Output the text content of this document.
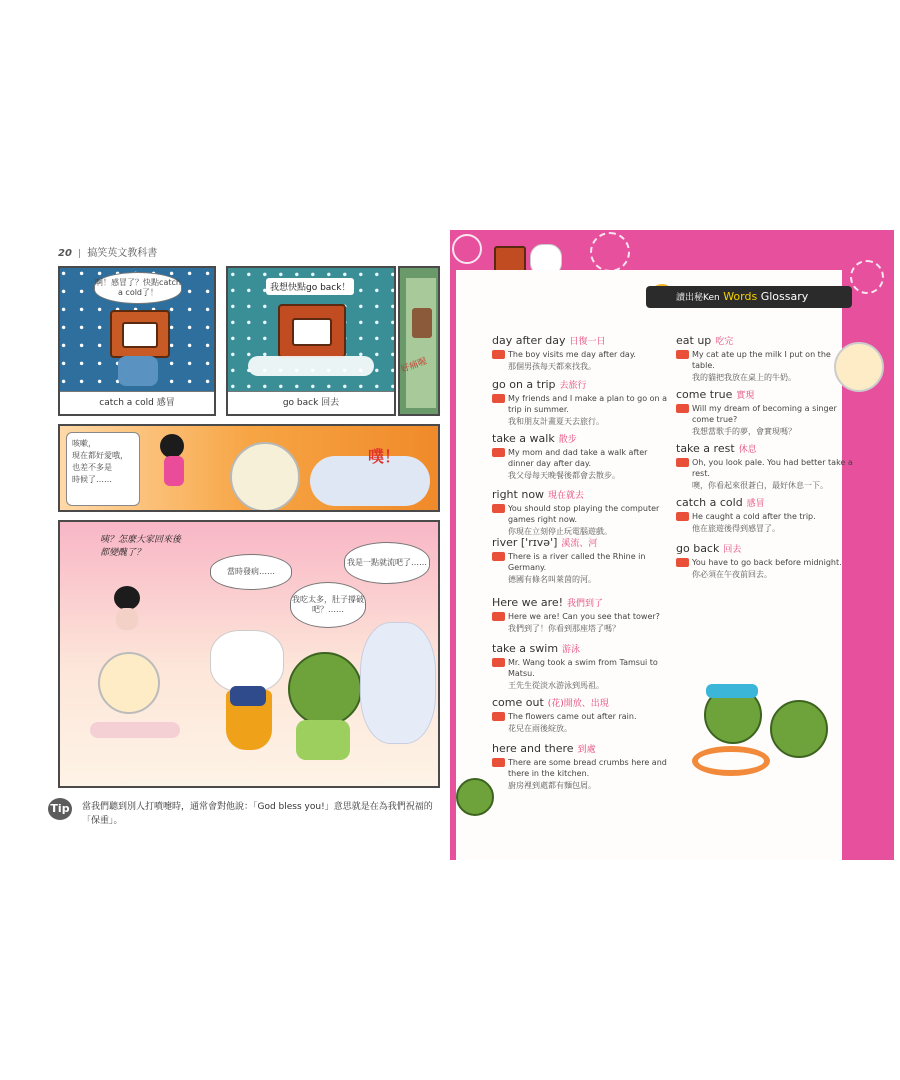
20 搞笑英文教科書
啊！感冒了？快點catch a cold了！
catch a cold 感冒
我想快點go back！
go back 回去
好痛喔
咳嗽，
現在都好愛哦，
也差不多是
時候了……
噗！
咦？怎麼大家回來後都變醜了？
當時發病……
我吃太多，肚子撐破吧？……
我是一點就流吧了……
Tip 當我們聽到別人打噴嚏時，通常會對他說：「God bless you!」意思就是在為我們祝福的「保重」。
讀出秘Ken Words Glossary
day after day 日復一日
The boy visits me day after day.
那個男孩每天都來找我。
go on a trip 去旅行
My friends and I make a plan to go on a trip in summer.
我和朋友計畫夏天去旅行。
take a walk 散步
My mom and dad take a walk after dinner day after day.
我父母每天晚餐後都會去散步。
right now 現在就去
You should stop playing the computer games right now.
你現在立刻停止玩電腦遊戲。
river ['rɪvə'] 溪流、河
There is a river called the Rhine in Germany.
德國有條名叫萊茵的河。
Here we are! 我們到了
Here we are! Can you see that tower?
我們到了！你看到那座塔了嗎？
take a swim 游泳
Mr. Wang took a swim from Tamsui to Matsu.
王先生從淡水游泳到馬祖。
come out (花)開放、出現
The flowers came out after rain.
花兒在雨後綻放。
here and there 到處
There are some bread crumbs here and there in the kitchen.
廚房裡到處都有麵包屑。
eat up 吃完
My cat ate up the milk I put on the table.
我的貓把我放在桌上的牛奶。
come true 實現
Will my dream of becoming a singer come true?
我想當歌手的夢，會實現嗎？
take a rest 休息
Oh, you look pale. You had better take a rest.
噢，你看起來很蒼白，最好休息一下。
catch a cold 感冒
He caught a cold after the trip.
他在旅遊後得到感冒了。
go back 回去
You have to go back before midnight.
你必須在午夜前回去。
